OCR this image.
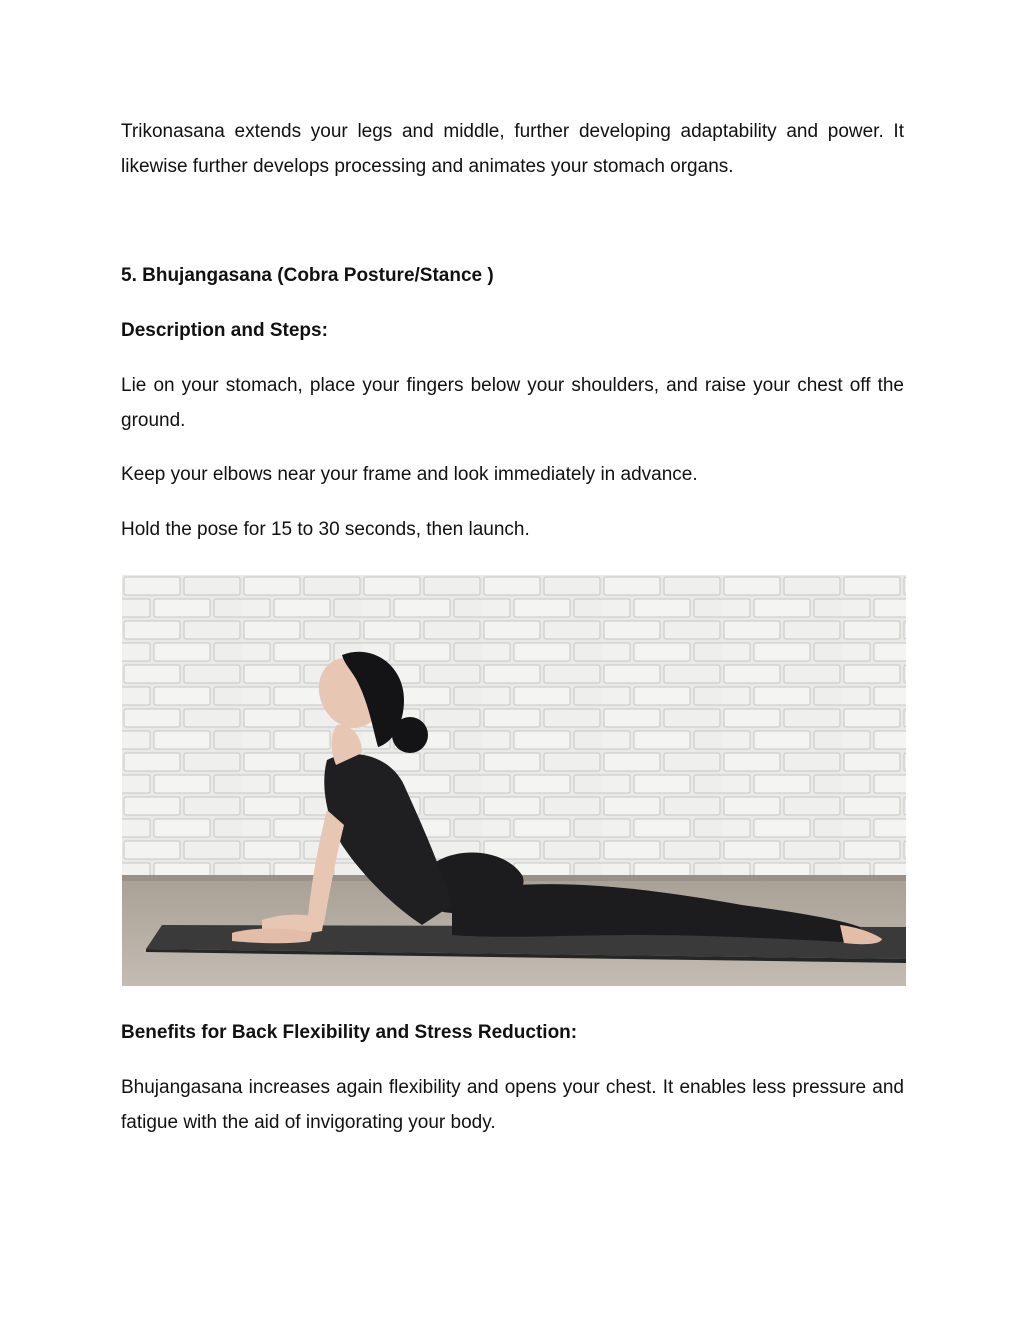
Trikonasana extends your legs and middle, further developing adaptability and power. It likewise further develops processing and animates your stomach organs.

5. Bhujangasana (Cobra Posture/Stance )

Description and Steps:

Lie on your stomach, place your fingers below your shoulders, and raise your chest off the ground.

Keep your elbows near your frame and look immediately in advance.

Hold the pose for 15 to 30 seconds, then launch.

Benefits for Back Flexibility and Stress Reduction:

Bhujangasana increases again flexibility and opens your chest. It enables less pressure and fatigue with the aid of invigorating your body.
